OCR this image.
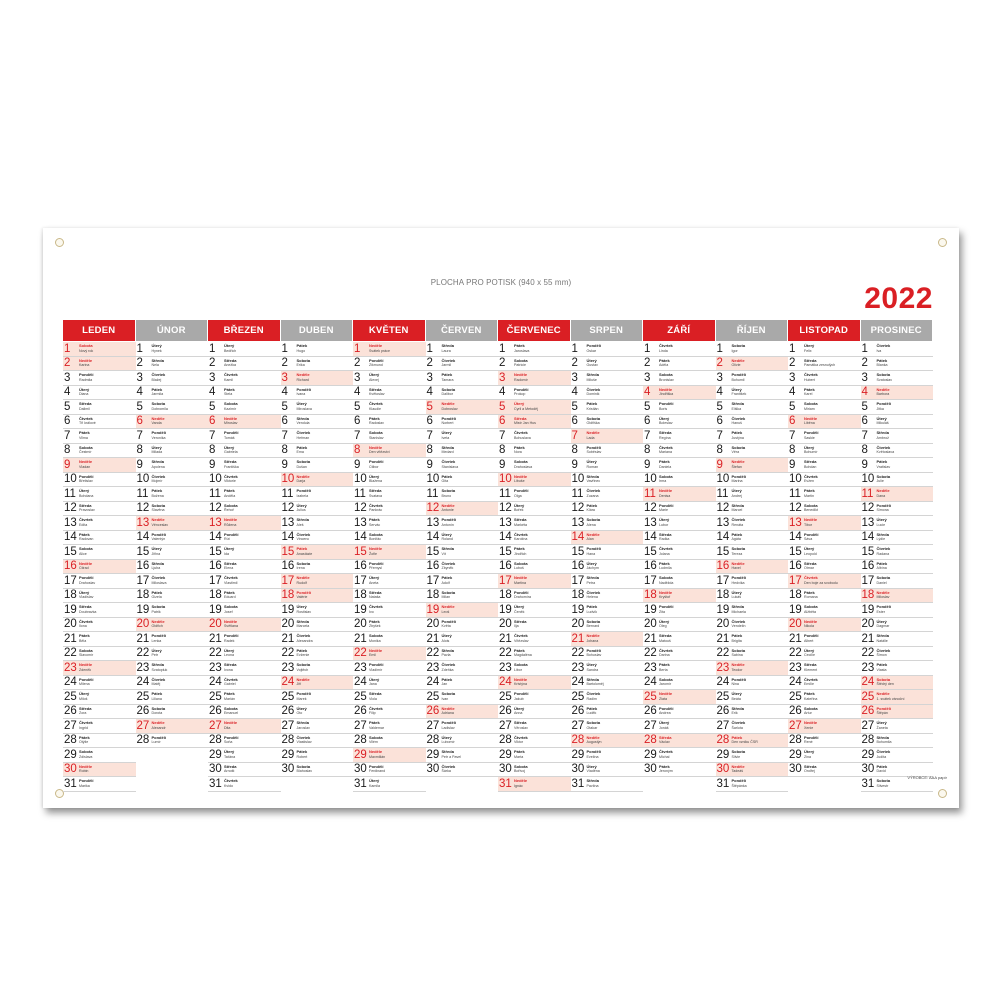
PLOCHA PRO POTISK (940 x 55 mm)	2022
LEDEN
1	Sobota
Nový rok
2	Neděle
Karina
3	Pondělí
Radmila
4	Úterý
Diana
5	Středa
Dalimil
6	Čtvrtek
Tři králové
7	Pátek
Vilma
8	Sobota
Čestmír
9	Neděle
Vladan
10 Pondělí
Břetislav
11 Úterý
Bohdana
12 Středa
Pravoslav
13 Čtvrtek
Edita
14 Pátek
Radovan
15 Sobota
Alice
16 Neděle
Ctirad
17 Pondělí
Drahoslav
18 Úterý
Vladislav
19 Středa
Doubravka
20 Čtvrtek
Ilona
21 Pátek
Běla
22 Sobota
Slavomír
23 Neděle
Zdeněk
24 Pondělí
Milena
25 Úterý
Miloš
26 Středa
Zora
27 Čtvrtek
Ingrid
28 Pátek
Otýlie
29 Sobota
Zdislava
30 Neděle
Robin
31 Pondělí
Marika
ÚNOR
1	Úterý
Hynek
2	Středa
Nela
3	Čtvrtek
Blažej
4	Pátek
Jarmila
5	Sobota
Dobromila
6	Neděle
Vanda
7	Pondělí
Veronika
8	Úterý
Milada
9	Středa
Apolena
10 Čtvrtek
Mojmír
11 Pátek
Božena
12 Sobota
Slavěna
13 Neděle
Věnceslav
14 Pondělí
Valentýn
15 Úterý
Jiřina
16 Středa
Ljuba
17 Čtvrtek
Miloslava
18 Pátek
Gizela
19 Sobota
Patrik
20 Neděle
Oldřich
21 Pondělí
Lenka
22 Úterý
Petr
23 Středa
Svatopluk
24 Čtvrtek
Matěj
25 Pátek
Liliana
26 Sobota
Dorota
27 Neděle
Alexandr
28 Pondělí
Lumír
BŘEZEN
1	Úterý
Bedřich
2	Středa
Anežka
3	Čtvrtek
Kamil
4	Pátek
Stela
5	Sobota
Kazimír
6	Neděle
Miroslav
7	Pondělí
Tomáš
8	Úterý
Gabriela
9	Středa
Františka
10 Čtvrtek
Viktorie
11 Pátek
Anděla
12 Sobota
Řehoř
13 Neděle
Růžena
14 Pondělí
Rút
15 Úterý
Ida
16 Středa
Elena
17 Čtvrtek
Vlastimil
18 Pátek
Eduard
19 Sobota
Josef
20 Neděle
Světlana
21 Pondělí
Radek
22 Úterý
Leona
23 Středa
Ivona
24 Čtvrtek
Gabriel
25 Pátek
Marián
26 Sobota
Emanuel
27 Neděle
Dita
28 Pondělí
Soňa
29 Úterý
Taťána
30 Středa
Arnošt
31 Čtvrtek
Kvido
DUBEN
1	Pátek
Hugo
2	Sobota
Erika
3	Neděle
Richard
4	Pondělí
Ivana
5	Úterý
Miroslava
6	Středa
Vendula
7	Čtvrtek
Heřman
8	Pátek
Ema
9	Sobota
Dušan
10 Neděle
Darja
11 Pondělí
Izabela
12 Úterý
Julius
13 Středa
Aleš
14 Čtvrtek
Vincenc
15 Pátek
Anastázie
16 Sobota
Irena
17 Neděle
Rudolf
18 Pondělí
Valérie
19 Úterý
Rostislav
20 Středa
Marcela
21 Čtvrtek
Alexandra
22 Pátek
Evženie
23 Sobota
Vojtěch
24 Neděle
Jiří
25 Pondělí
Marek
26 Úterý
Oto
27 Středa
Jaroslav
28 Čtvrtek
Vlastislav
29 Pátek
Robert
30 Sobota
Blahoslav
KVĚTEN
1	Neděle
Svátek práce
2	Pondělí
Zikmund
3	Úterý
Alexej
4	Středa
Květoslav
5	Čtvrtek
Klaudie
6	Pátek
Radoslav
7	Sobota
Stanislav
8	Neděle
Den vítězství
9	Pondělí
Ctibor
10 Úterý
Blažena
11 Středa
Svatava
12 Čtvrtek
Pankrác
13 Pátek
Servác
14 Sobota
Bonifác
15 Neděle
Žofie
16 Pondělí
Přemysl
17 Úterý
Aneta
18 Středa
Nataša
19 Čtvrtek
Ivo
20 Pátek
Zbyšek
21 Sobota
Monika
22 Neděle
Emil
23 Pondělí
Vladimír
24 Úterý
Jana
25 Středa
Viola
26 Čtvrtek
Filip
27 Pátek
Valdemar
28 Sobota
Vilém
29 Neděle
Maxmilián
30 Pondělí
Ferdinand
31 Úterý
Kamila
ČERVEN
1	Středa
Laura
2	Čtvrtek
Jarmil
3	Pátek
Tamara
4	Sobota
Dalibor
5	Neděle
Dobroslav
6	Pondělí
Norbert
7	Úterý
Iveta
8	Středa
Medard
9	Čtvrtek
Stanislava
10 Pátek
Gita
11 Sobota
Bruno
12 Neděle
Antonie
13 Pondělí
Antonín
14 Úterý
Roland
15 Středa
Vít
16 Čtvrtek
Zbyněk
17 Pátek
Adolf
18 Sobota
Milan
19 Neděle
Leoš
20 Pondělí
Květa
21 Úterý
Alois
22 Středa
Pavla
23 Čtvrtek
Zdeňka
24 Pátek
Jan
25 Sobota
Ivan
26 Neděle
Adriana
27 Pondělí
Ladislav
28 Úterý
Lubomír
29 Středa
Petr a Pavel
30 Čtvrtek
Šárka
ČERVENEC
1	Pátek
Jaroslava
2	Sobota
Patricie
3	Neděle
Radomír
4	Pondělí
Prokop
5	Úterý
Cyril a Metoděj
6	Středa
Mistr Jan Hus
7	Čtvrtek
Bohuslava
8	Pátek
Nora
9	Sobota
Drahoslava
10 Neděle
Libuše
11 Pondělí
Olga
12 Úterý
Bořek
13 Středa
Markéta
14 Čtvrtek
Karolína
15 Pátek
Jindřich
16 Sobota
Luboš
17 Neděle
Martina
18 Pondělí
Drahomíra
19 Úterý
Čeněk
20 Středa
Ilja
21 Čtvrtek
Vítězslav
22 Pátek
Magdaléna
23 Sobota
Libor
24 Neděle
Kristýna
25 Pondělí
Jakub
26 Úterý
Anna
27 Středa
Věroslav
28 Čtvrtek
Viktor
29 Pátek
Marta
30 Sobota
Bořivoj
31 Neděle
Ignác
SRPEN
1	Pondělí
Oskar
2	Úterý
Gustav
3	Středa
Miluše
4	Čtvrtek
Dominik
5	Pátek
Kristián
6	Sobota
Oldřiška
7	Neděle
Lada
8	Pondělí
Soběslav
9	Úterý
Roman
10 Středa
Vavřinec
11 Čtvrtek
Zuzana
12 Pátek
Klára
13 Sobota
Alena
14 Neděle
Alan
15 Pondělí
Hana
16 Úterý
Jáchym
17 Středa
Petra
18 Čtvrtek
Helena
19 Pátek
Ludvík
20 Sobota
Bernard
21 Neděle
Johana
22 Pondělí
Bohuslav
23 Úterý
Sandra
24 Středa
Bartoloměj
25 Čtvrtek
Radim
26 Pátek
Luděk
27 Sobota
Otakar
28 Neděle
Augustýn
29 Pondělí
Evelína
30 Úterý
Vladěna
31 Středa
Pavlína
ZÁŘÍ
1	Čtvrtek
Linda
2	Pátek
Adéla
3	Sobota
Bronislav
4	Neděle
Jindřiška
5	Pondělí
Boris
6	Úterý
Boleslav
7	Středa
Regína
8	Čtvrtek
Mariana
9	Pátek
Daniela
10 Sobota
Irma
11 Neděle
Denisa
12 Pondělí
Marie
13 Úterý
Lubor
14 Středa
Radka
15 Čtvrtek
Jolana
16 Pátek
Ludmila
17 Sobota
Naděžda
18 Neděle
Kryštof
19 Pondělí
Zita
20 Úterý
Oleg
21 Středa
Matouš
22 Čtvrtek
Darina
23 Pátek
Berta
24 Sobota
Jaromír
25 Neděle
Zlata
26 Pondělí
Andrea
27 Úterý
Jonáš
28 Středa
Václav
29 Čtvrtek
Michal
30 Pátek
Jeroným
ŘÍJEN
1	Sobota
Igor
2	Neděle
Olivie
3	Pondělí
Bohumil
4	Úterý
František
5	Středa
Eliška
6	Čtvrtek
Hanuš
7	Pátek
Justýna
8	Sobota
Věra
9	Neděle
Štefan
10 Pondělí
Marina
11 Úterý
Andrej
12 Středa
Marcel
13 Čtvrtek
Renáta
14 Pátek
Agáta
15 Sobota
Tereza
16 Neděle
Havel
17 Pondělí
Hedvika
18 Úterý
Lukáš
19 Středa
Michaela
20 Čtvrtek
Vendelín
21 Pátek
Brigita
22 Sobota
Sabina
23 Neděle
Teodor
24 Pondělí
Nina
25 Úterý
Beáta
26 Středa
Erik
27 Čtvrtek
Šarlota
28 Pátek
Den vzniku ČSR
29 Sobota
Silvie
30 Neděle
Tadeáš
31 Pondělí
Štěpánka
LISTOPAD
1	Úterý
Felix
2	Středa
Památka zesnulých
3	Čtvrtek
Hubert
4	Pátek
Karel
5	Sobota
Miriam
6	Neděle
Liběna
7	Pondělí
Saskie
8	Úterý
Bohumír
9	Středa
Bohdan
10 Čtvrtek
Evžen
11 Pátek
Martin
12 Sobota
Benedikt
13 Neděle
Tibor
14 Pondělí
Sáva
15 Úterý
Leopold
16 Středa
Otmar
17 Čtvrtek
Den boje za svobodu
18 Pátek
Romana
19 Sobota
Alžběta
20 Neděle
Nikola
21 Pondělí
Albert
22 Úterý
Cecílie
23 Středa
Klement
24 Čtvrtek
Emílie
25 Pátek
Kateřina
26 Sobota
Artur
27 Neděle
Xenie
28 Pondělí
René
29 Úterý
Zina
30 Středa
Ondřej
PROSINEC
1	Čtvrtek
Iva
2	Pátek
Blanka
3	Sobota
Svatoslav
4	Neděle
Barbora
5	Pondělí
Jitka
6	Úterý
Mikuláš
7	Středa
Ambrož
8	Čtvrtek
Květoslava
9	Pátek
Vratislav
10 Sobota
Julie
11 Neděle
Dana
12 Pondělí
Simona
13 Úterý
Lucie
14 Středa
Lýdie
15 Čtvrtek
Radana
16 Pátek
Albína
17 Sobota
Daniel
18 Neděle
Miloslav
19 Pondělí
Ester
20 Úterý
Dagmar
21 Středa
Natálie
22 Čtvrtek
Šimon
23 Pátek
Vlasta
24 Sobota
Štědrý den
25 Neděle
1. svátek vánoční
26 Pondělí
Štěpán
27 Úterý
Žaneta
28 Středa
Bohumila
29 Čtvrtek
Judita
30 Pátek
David
31 Sobota
Silvestr
VÝROBCE: AAA papír
